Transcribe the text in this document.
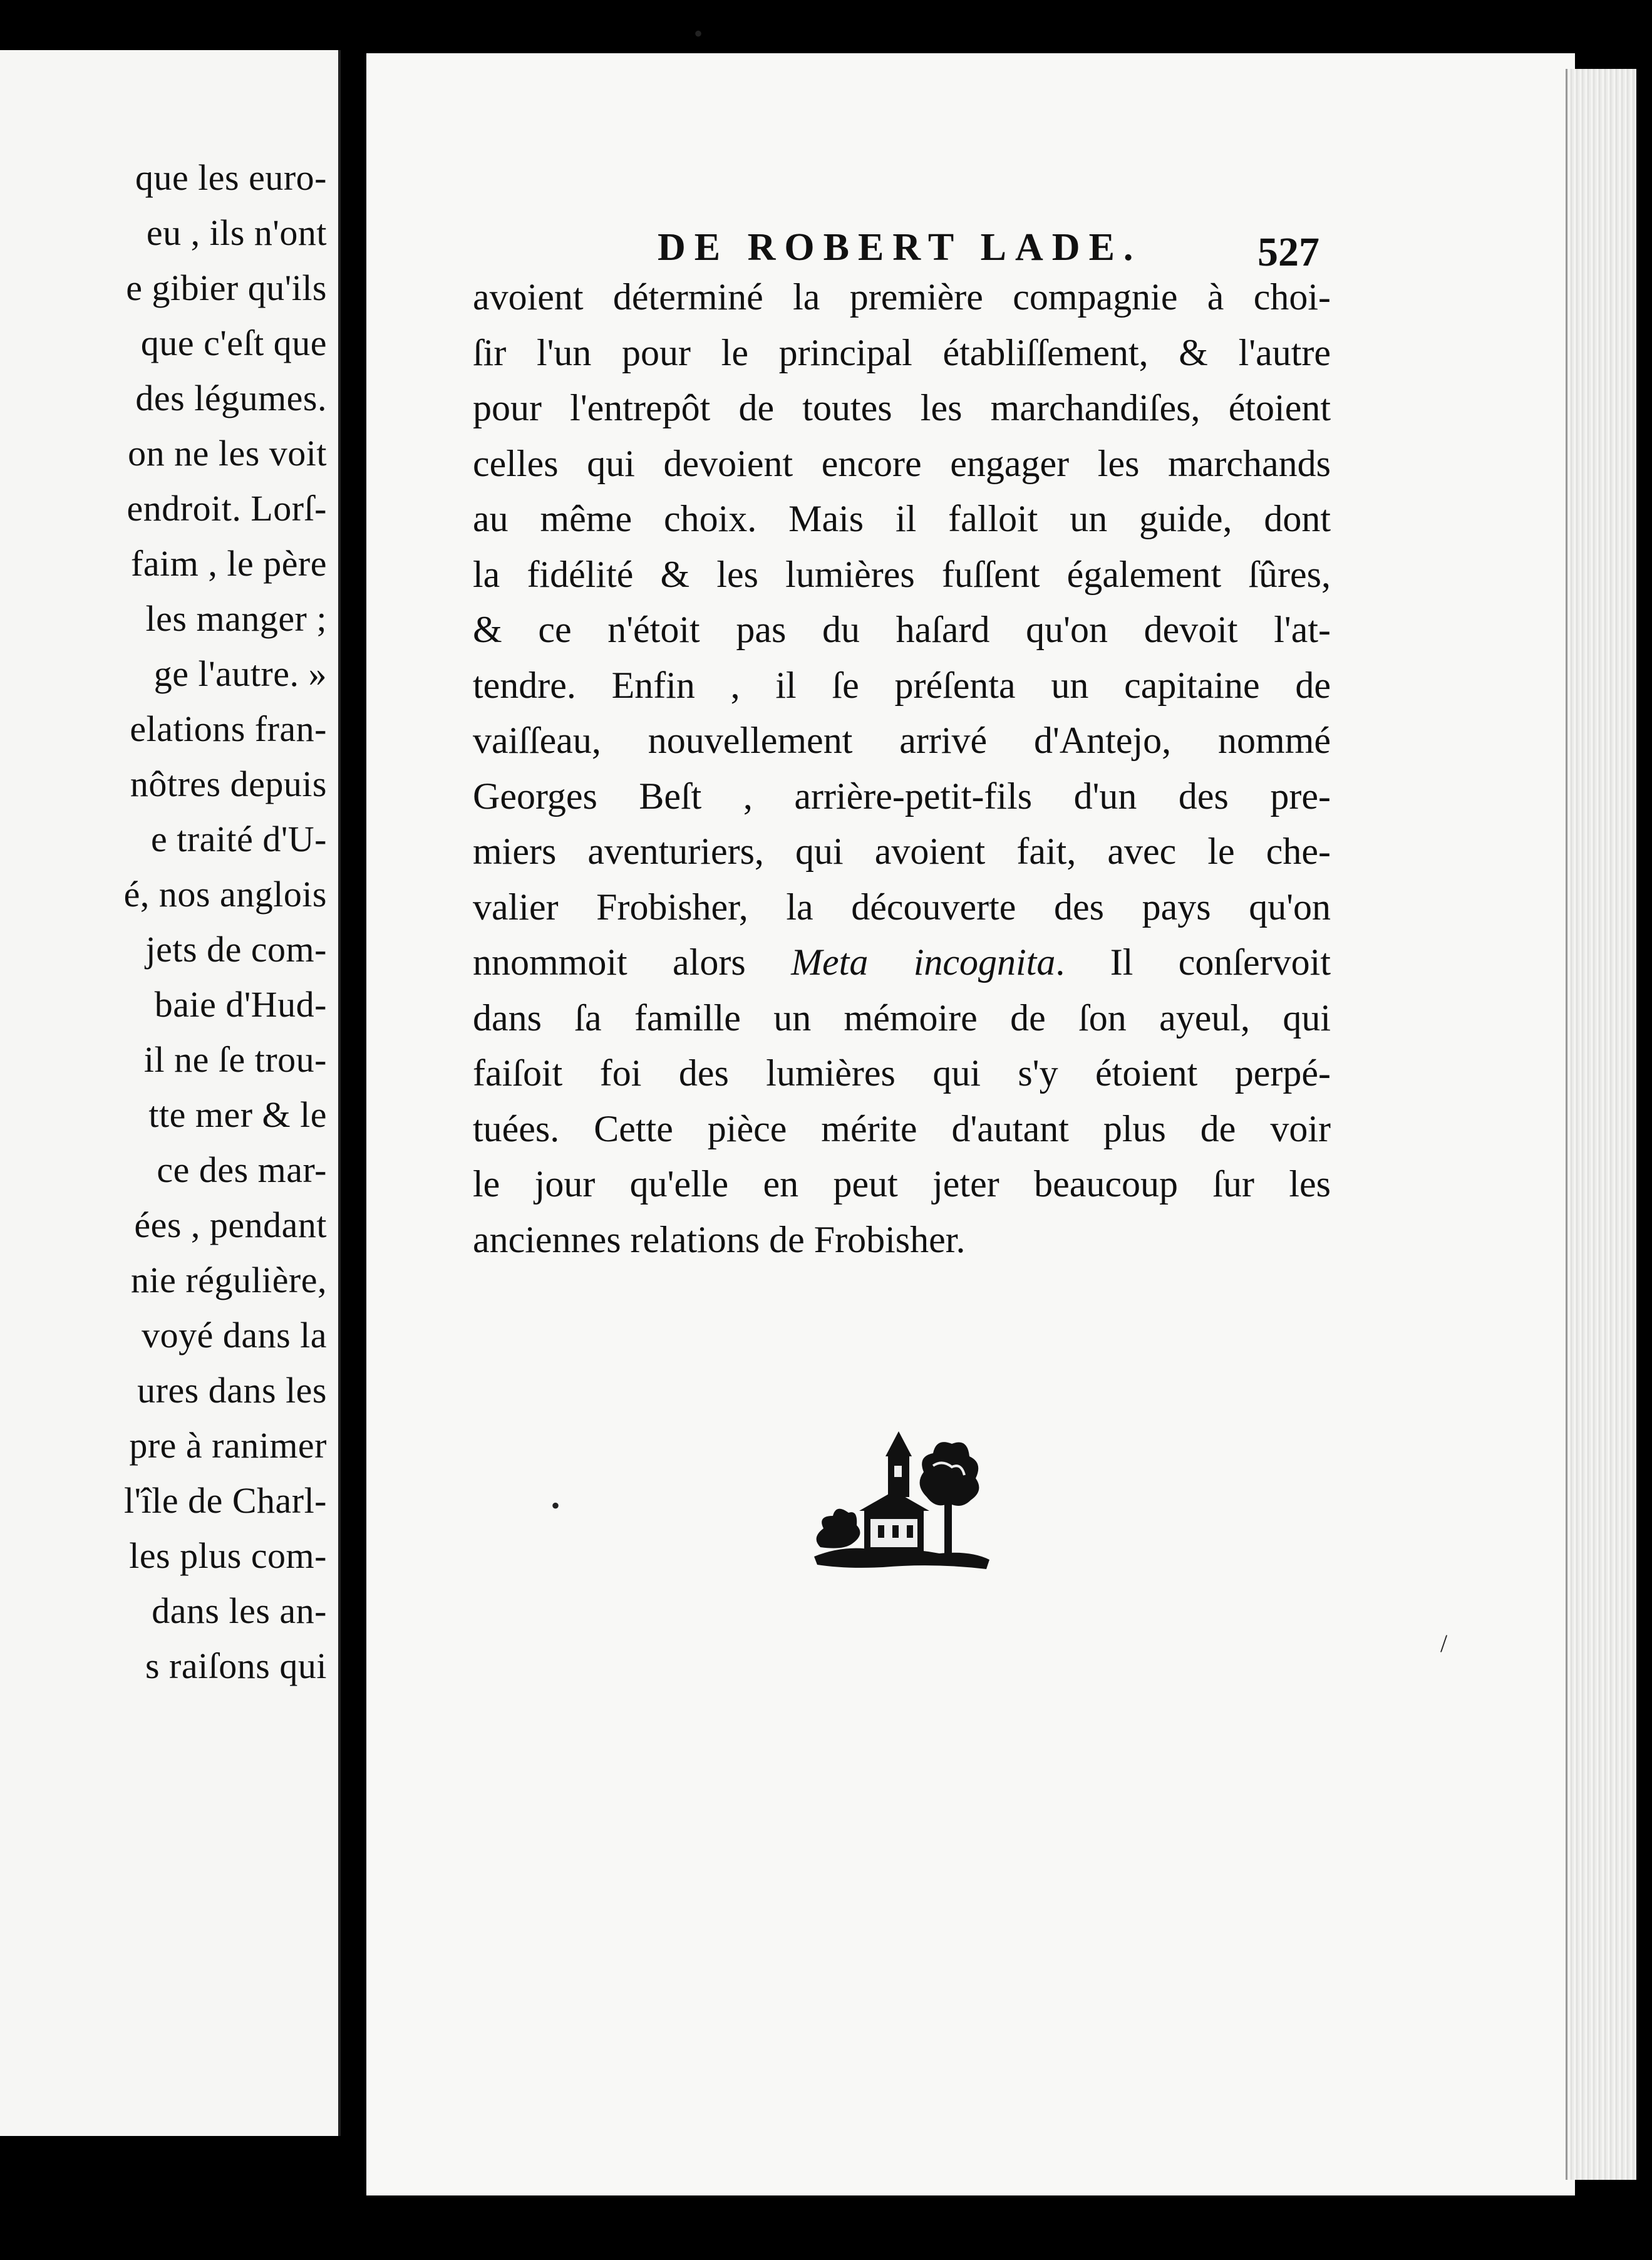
que les euro-
eu , ils n'ont
e gibier qu'ils
que c'eſt que
des légumes.
on ne les voit
endroit. Lorſ-
faim , le père
les manger ;
ge l'autre. »
elations fran-
nôtres depuis
e traité d'U-
é, nos anglois
jets de com-
baie d'Hud-
il ne ſe trou-
tte mer & le
ce des mar-
ées , pendant
nie régulière,
voyé dans la
ures dans les
pre à ranimer
l'île de Charl-
les plus com-
dans les an-
s raiſons qui

DE ROBERT LADE.	527
avoient déterminé la première compagnie à choi-
ſir l'un pour le principal établiſſement, & l'autre
pour l'entrepôt de toutes les marchandiſes, étoient
celles qui devoient encore engager les marchands
au même choix. Mais il falloit un guide, dont
la fidélité & les lumières fuſſent également ſûres,
& ce n'étoit pas du haſard qu'on devoit l'at-
tendre. Enfin , il ſe préſenta un capitaine de
vaiſſeau, nouvellement arrivé d'Antejo, nommé
Georges Beſt , arrière-petit-fils d'un des pre-
miers aventuriers, qui avoient fait, avec le che-
valier Frobisher, la découverte des pays qu'on
nnommoit alors Meta incognita. Il conſervoit
dans ſa famille un mémoire de ſon ayeul, qui
faiſoit foi des lumières qui s'y étoient perpé-
tuées. Cette pièce mérite d'autant plus de voir
le jour qu'elle en peut jeter beaucoup ſur les
anciennes relations de Frobisher.
•
/
•
